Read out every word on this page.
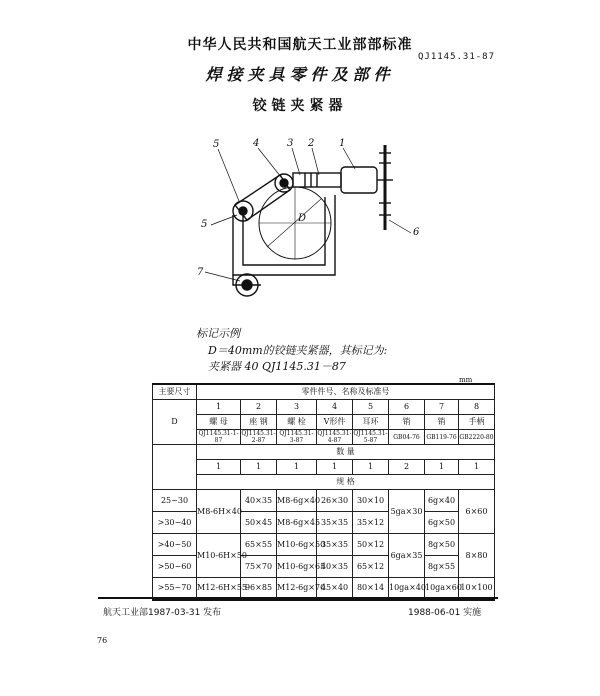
中华人民共和国航天工业部部标准
QJ1145.31-87
焊接夹具零件及部件
铰链夹紧器
5	4	3 2 1
5
6
7
D
标记示例
D＝40mm的铰链夹紧器，其标记为:
夹紧器 40 QJ1145.31－87
mm
主要尺寸	零件件号、名称及标准号							
D	1	2	3	4	5	6	7	8
	螺 母	座 钢	螺 栓	V形件	耳环	销	销	手柄
	QJ1145.31-1-87	QJ1145.31-2-87	QJ1145.31-3-87	QJ1145.31-4-87	QJ1145.31-5-87	GB04-76	GB119-76	GB2220-80
	数 量							
	1	1	1	1	1	2	1	1
	规 格							
25~30	M8-6H×40	40×35	M8-6g×40	26×30	30×10	5ga×30	6g×40	6×60
>30~40		50×45	M8-6g×45	35×35	35×12		6g×50	
>40~50	M10-6H×50	65×55	M10-6g×50	35×35	50×12	6ga×35	8g×50	8×80
>50~60		75×70	M10-6g×65	40×35	65×12		8g×55	
>55~70	M12-6H×55	96×85	M12-6g×70	45×40	80×14	10ga×40	10ga×60	10×100
航天工业部1987-03-31 发布	1988-06-01 实施
76
